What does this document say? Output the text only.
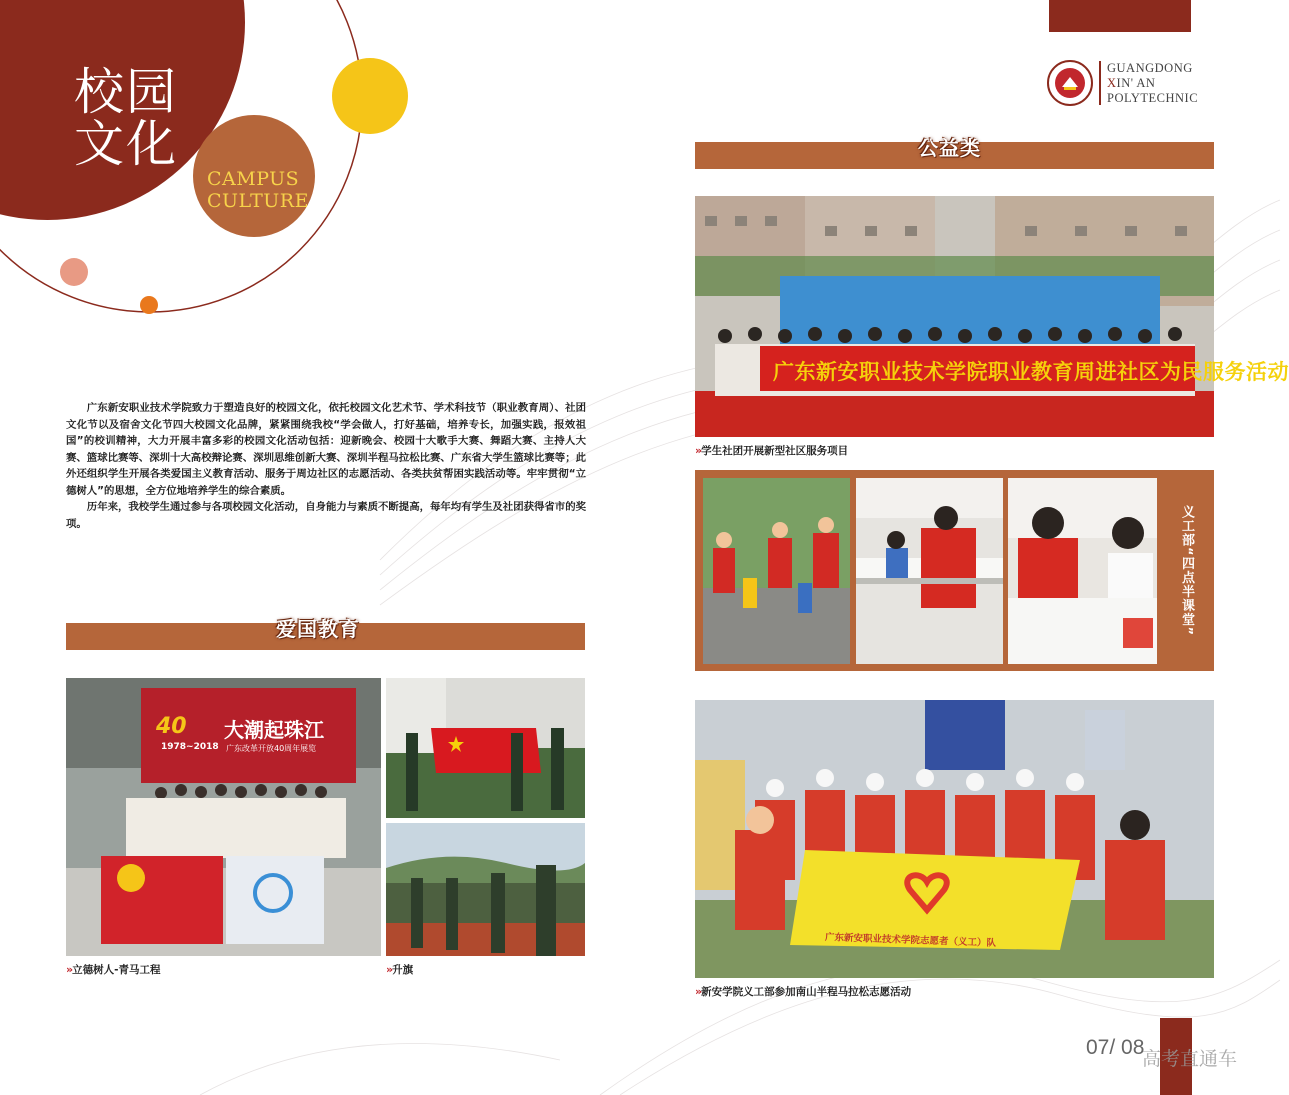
校园
文化
CAMPUS
CULTURE
GUANGDONG
XIN' AN
POLYTECHNIC

广东新安职业技术学院致力于塑造良好的校园文化，依托校园文化艺术节、学术科技节（职业教育周）、社团文化节以及宿舍文化节四大校园文化品牌，紧紧围绕我校“学会做人，打好基础，培养专长，加强实践，报效祖国”的校训精神，大力开展丰富多彩的校园文化活动包括：迎新晚会、校园十大歌手大赛、舞蹈大赛、主持人大赛、篮球比赛等、深圳十大高校辩论赛、深圳思维创新大赛、深圳半程马拉松比赛、广东省大学生篮球比赛等；此外还组织学生开展各类爱国主义教育活动、服务于周边社区的志愿活动、各类扶贫帮困实践活动等。牢牢贯彻“立德树人”的思想，全方位地培养学生的综合素质。

历年来，我校学生通过参与各项校园文化活动，自身能力与素质不断提高，每年均有学生及社团获得省市的奖项。

爱国教育
大潮起珠江
40
1978~2018 广东改革开放40周年展览
» 立德树人-青马工程	» 升旗
公益类
广东新安职业技术学院职业教育周进社区为民服务活动
» 学生社团开展新型社区服务项目
义工部“四点半课堂”
广东新安职业技术学院志愿者（义工）队
» 新安学院义工部参加南山半程马拉松志愿活动
07/ 08
高考直通车
